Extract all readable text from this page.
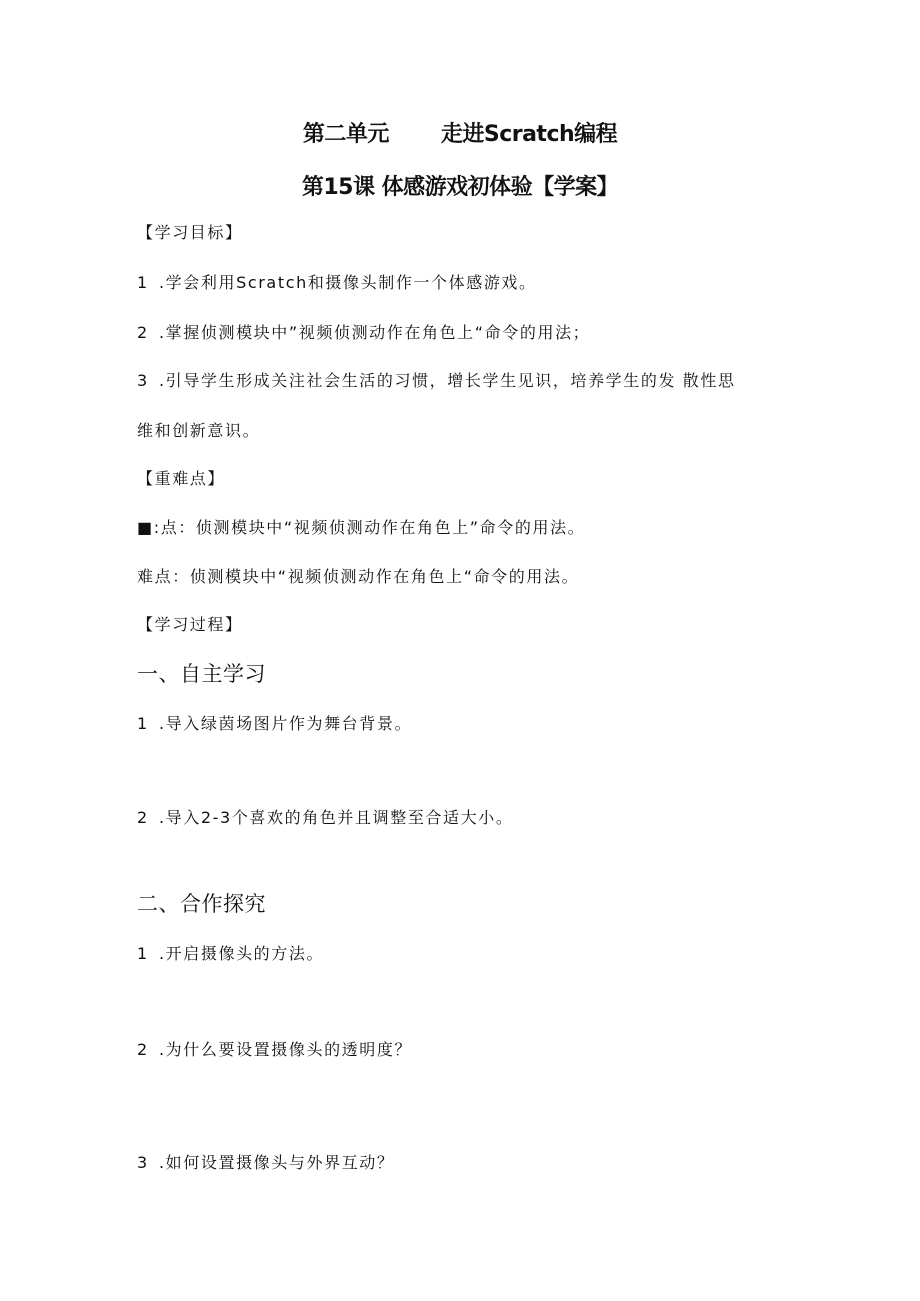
第二单元 走进Scratch编程
第15课 体感游戏初体验【学案】
【学习目标】
1 .学会利用Scratch和摄像头制作一个体感游戏。
2 .掌握侦测模块中”视频侦测动作在角色上“命令的用法；
3 .引导学生形成关注社会生活的习惯，增长学生见识，培养学生的发 散性思
维和创新意识。
【重难点】
■:点：侦测模块中“视频侦测动作在角色上”命令的用法。
难点：侦测模块中“视频侦测动作在角色上“命令的用法。
【学习过程】
一、自主学习
1 .导入绿茵场图片作为舞台背景。
2 .导入2-3个喜欢的角色并且调整至合适大小。
二、合作探究
1 .开启摄像头的方法。
2 .为什么要设置摄像头的透明度？
3 .如何设置摄像头与外界互动？
